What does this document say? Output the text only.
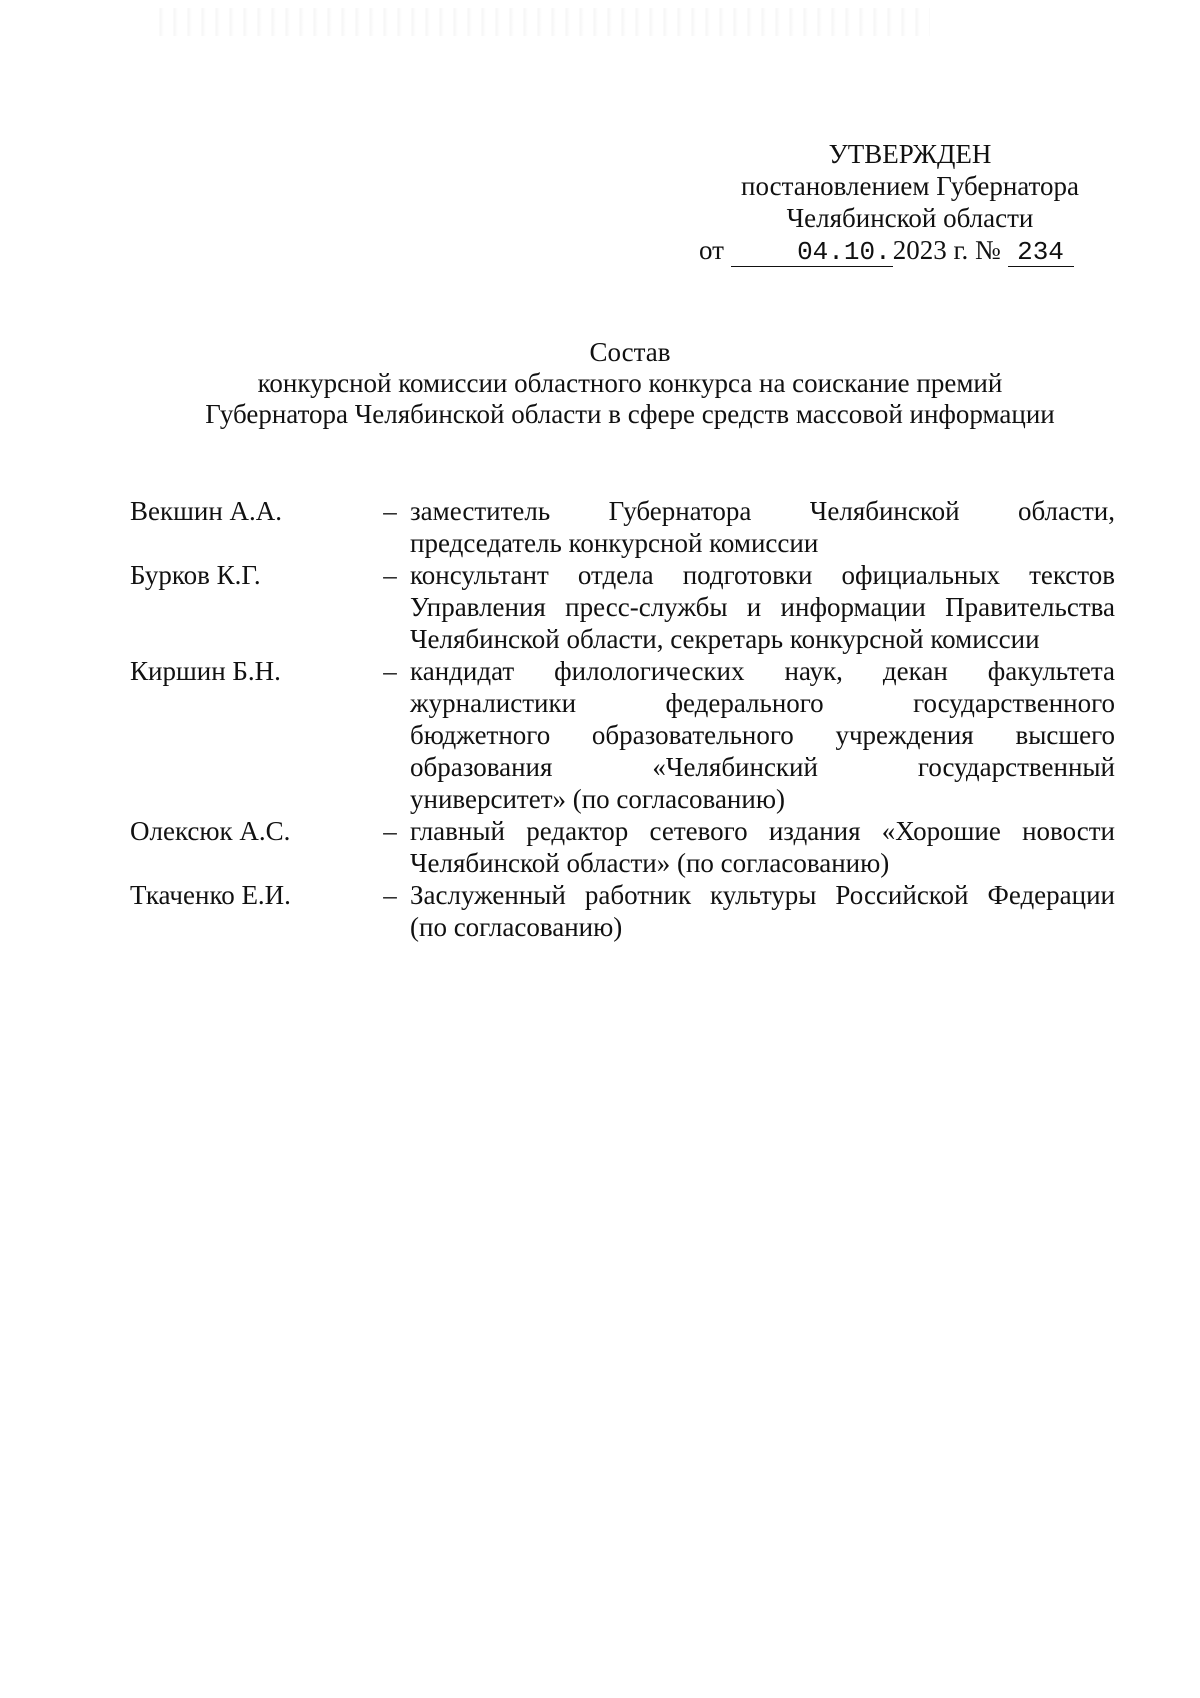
УТВЕРЖДЕН
постановлением Губернатора
Челябинской области
от	04.10.2023 г. № 234
Состав
конкурсной комиссии областного конкурса на соискание премий
Губернатора Челябинской области в сфере средств массовой информации
Векшин А.А.	– заместитель Губернатора Челябинской области,
председатель конкурсной комиссии
Бурков К.Г.	– консультант отдела подготовки официальных текстов
Управления пресс-службы и информации Правительства
Челябинской области, секретарь конкурсной комиссии
Киршин Б.Н.	– кандидат филологических наук, декан факультета
журналистики федерального государственного
бюджетного образовательного учреждения высшего
образования «Челябинский государственный
университет» (по согласованию)
Олексюк А.С.	– главный редактор сетевого издания «Хорошие новости
Челябинской области» (по согласованию)
Ткаченко Е.И.	– Заслуженный работник культуры Российской Федерации
(по согласованию)
